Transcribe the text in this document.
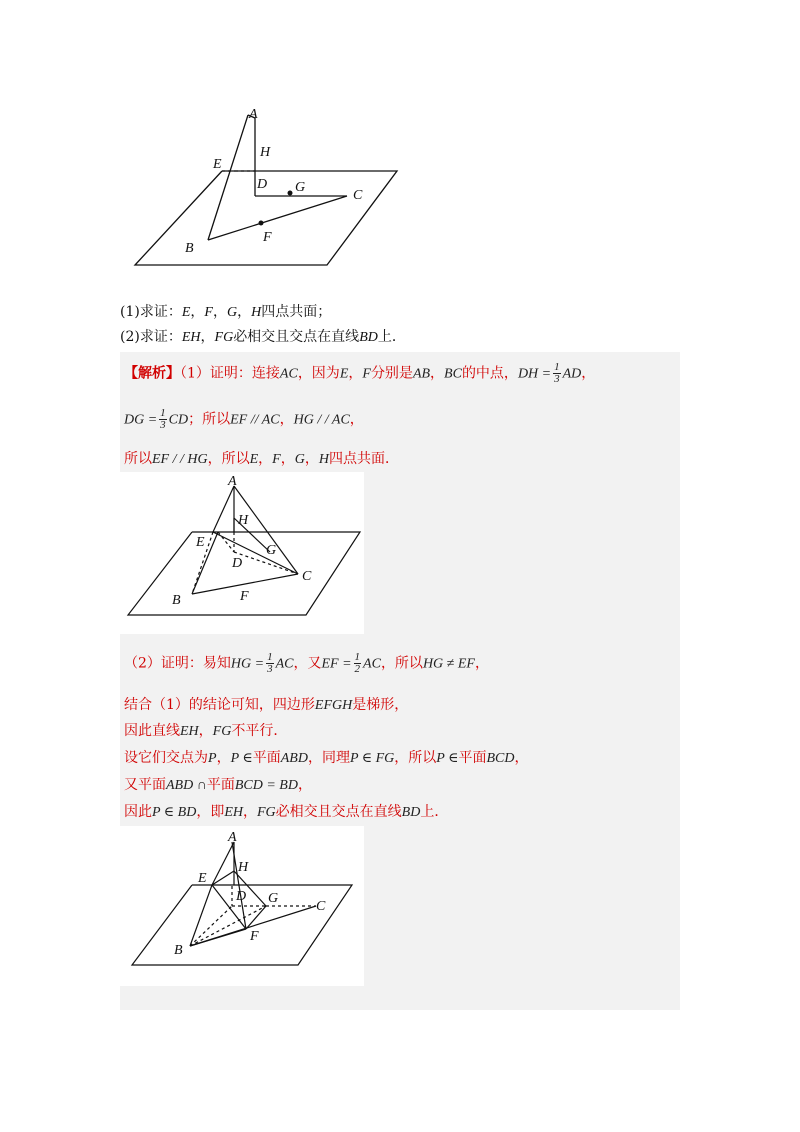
A
H
E
D G
C
B
F
(1)求证：E，F，G，H四点共面；
(2)求证：EH，FG必相交且交点在直线BD上．
【解析】（1）证明：连接AC，因为E，F分别是AB，BC的中点，DH = $\frac{1}{3}$ AD，
DG = $\frac{1}{3}$ CD；所以EF // AC，HG / / AC，
所以EF / / HG，所以E，F，G，H四点共面．
A
H
E
G
D
C
B	F
（2）证明：易知HG = $\frac{1}{3}$ AC，又EF = $\frac{1}{2}$ AC，所以HG ≠ EF，
结合（1）的结论可知，四边形EFGH是梯形，
因此直线EH，FG不平行．
设它们交点为P，P ∈平面ABD，同理P ∈ FG，所以P ∈平面BCD，
又平面ABD ∩平面BCD = BD，
因此P ∈ BD，即EH，FG必相交且交点在直线BD上．
A
H
E
D G
C
B
F
